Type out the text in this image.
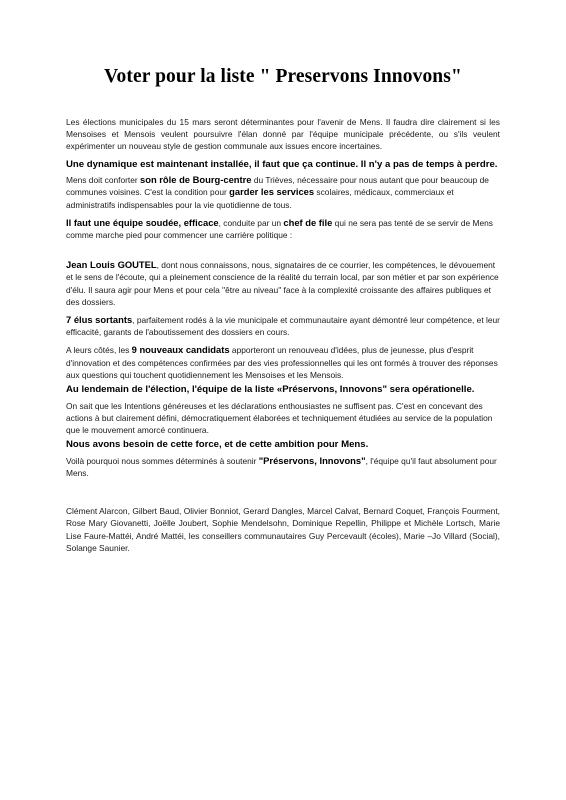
Voter pour la liste " Preservons Innovons"

Les élections municipales du 15 mars seront déterminantes pour l'avenir de Mens. Il faudra dire clairement si les Mensoises et Mensois veulent poursuivre l'élan donné par l'équipe municipale précédente, ou s'ils veulent expérimenter un nouveau style de gestion communale aux issues encore incertaines.

Une dynamique est maintenant installée, il faut que ça continue. Il n'y a pas de temps à perdre.

Mens doit conforter son rôle de Bourg-centre du Trièves, nécessaire pour nous autant que pour beaucoup de communes voisines. C'est la condition pour garder les services scolaires, médicaux, commerciaux et administratifs indispensables pour la vie quotidienne de tous.

Il faut une équipe soudée, efficace, conduite par un chef de file qui ne sera pas tenté de se servir de Mens comme marche pied pour commencer une carrière politique :

Jean Louis GOUTEL, dont nous connaissons, nous, signataires de ce courrier, les compétences, le dévouement et le sens de l'écoute, qui a pleinement conscience de la réalité du terrain local, par son métier et par son expérience d'élu. Il saura agir pour Mens et pour cela "être au niveau" face à la complexité croissante des affaires publiques et des dossiers.

7 élus sortants, parfaitement rodés à la vie municipale et communautaire ayant démontré leur compétence, et leur efficacité, garants de l'aboutissement des dossiers en cours.

A leurs côtés, les 9 nouveaux candidats apporteront un renouveau d'idées, plus de jeunesse, plus d'esprit d'innovation et des compétences confirmées par des vies professionnelles qui les ont formés à trouver des réponses aux questions qui touchent quotidiennement les Mensoises et les Mensois.

Au lendemain de l'élection, l'équipe de la liste «Préservons, Innovons" sera opérationelle.

On sait que les Intentions généreuses et les déclarations enthousiastes ne suffisent pas. C'est en concevant des actions à but clairement défini, démocratiquement élaborées et techniquement étudiées au service de la population que le mouvement amorcé continuera.

Nous avons besoin de cette force, et de cette ambition pour Mens.

Voilà pourquoi nous sommes déterminés à soutenir "Préservons, Innovons", l'équipe qu'il faut absolument pour Mens.

Clément Alarcon, Gilbert Baud, Olivier Bonniot, Gerard Dangles, Marcel Calvat, Bernard Coquet, François Fourment, Rose Mary Giovanetti, Joëlle Joubert, Sophie Mendelsohn, Dominique Repellin, Philippe et Michèle Lortsch, Marie Lise Faure-Mattéi, André Mattéi, les conseillers communautaires Guy Percevault (écoles), Marie –Jo Villard (Social), Solange Saunier.
